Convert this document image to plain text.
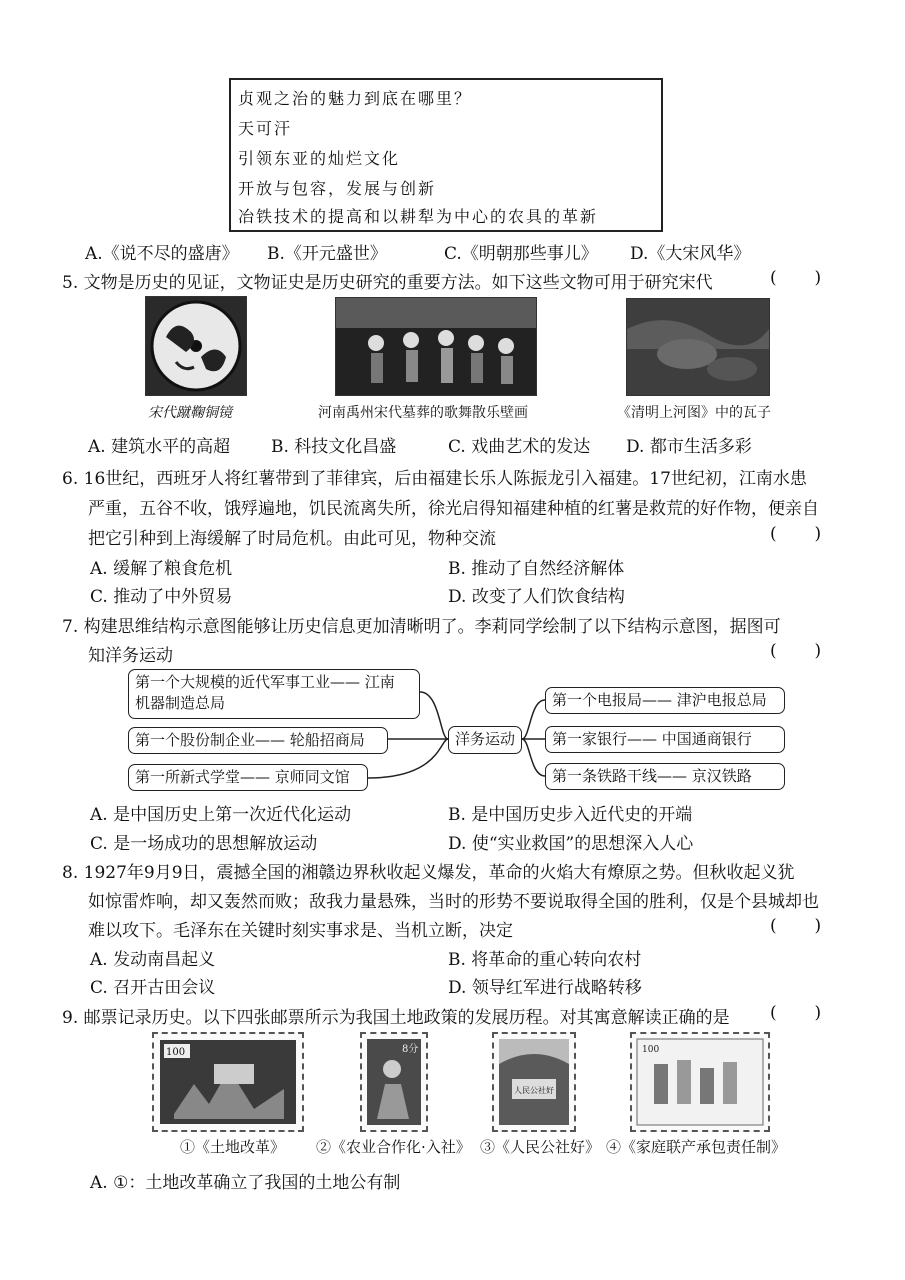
贞观之治的魅力到底在哪里？
天可汗
引领东亚的灿烂文化
开放与包容，发展与创新
冶铁技术的提高和以耕犁为中心的农具的革新
A.《说不尽的盛唐》 B.《开元盛世》	C.《明朝那些事儿》 D.《大宋风华》
5. 文物是历史的见证，文物证史是历史研究的重要方法。如下这些文物可用于研究宋代	(       )
宋代蹴鞠铜镜	河南禹州宋代墓葬的歌舞散乐壁画	《清明上河图》中的瓦子
A. 建筑水平的高超 B. 科技文化昌盛	C. 戏曲艺术的发达 D. 都市生活多彩
6. 16世纪，西班牙人将红薯带到了菲律宾，后由福建长乐人陈振龙引入福建。17世纪初，江南水患
严重，五谷不收，饿殍遍地，饥民流离失所，徐光启得知福建种植的红薯是救荒的好作物，便亲自
把它引种到上海缓解了时局危机。由此可见，物种交流	(       )
A. 缓解了粮食危机	B. 推动了自然经济解体
C. 推动了中外贸易	D. 改变了人们饮食结构
7. 构建思维结构示意图能够让历史信息更加清晰明了。李莉同学绘制了以下结构示意图，据图可
知洋务运动	(       )
第一个大规模的近代军事工业—— 江南
机器制造总局
第一个股份制企业—— 轮船招商局
第一所新式学堂—— 京师同文馆
洋务运动
第一个电报局—— 津沪电报总局
第一家银行—— 中国通商银行
第一条铁路干线—— 京汉铁路
A. 是中国历史上第一次近代化运动	B. 是中国历史步入近代史的开端
C. 是一场成功的思想解放运动	D. 使“实业救国”的思想深入人心
8. 1927年9月9日，震撼全国的湘赣边界秋收起义爆发，革命的火焰大有燎原之势。但秋收起义犹
如惊雷炸响，却又轰然而败；敌我力量悬殊，当时的形势不要说取得全国的胜利，仅是个县城却也
难以攻下。毛泽东在关键时刻实事求是、当机立断，决定	(       )
A. 发动南昌起义	B. 将革命的重心转向农村
C. 召开古田会议	D. 领导红军进行战略转移
9. 邮票记录历史。以下四张邮票所示为我国土地政策的发展历程。对其寓意解读正确的是 (       )
100	8分
人民公社好
100
①《土地改革》 ②《农业合作化·入社》 ③《人民公社好》 ④《家庭联产承包责任制》
A. ①：土地改革确立了我国的土地公有制
